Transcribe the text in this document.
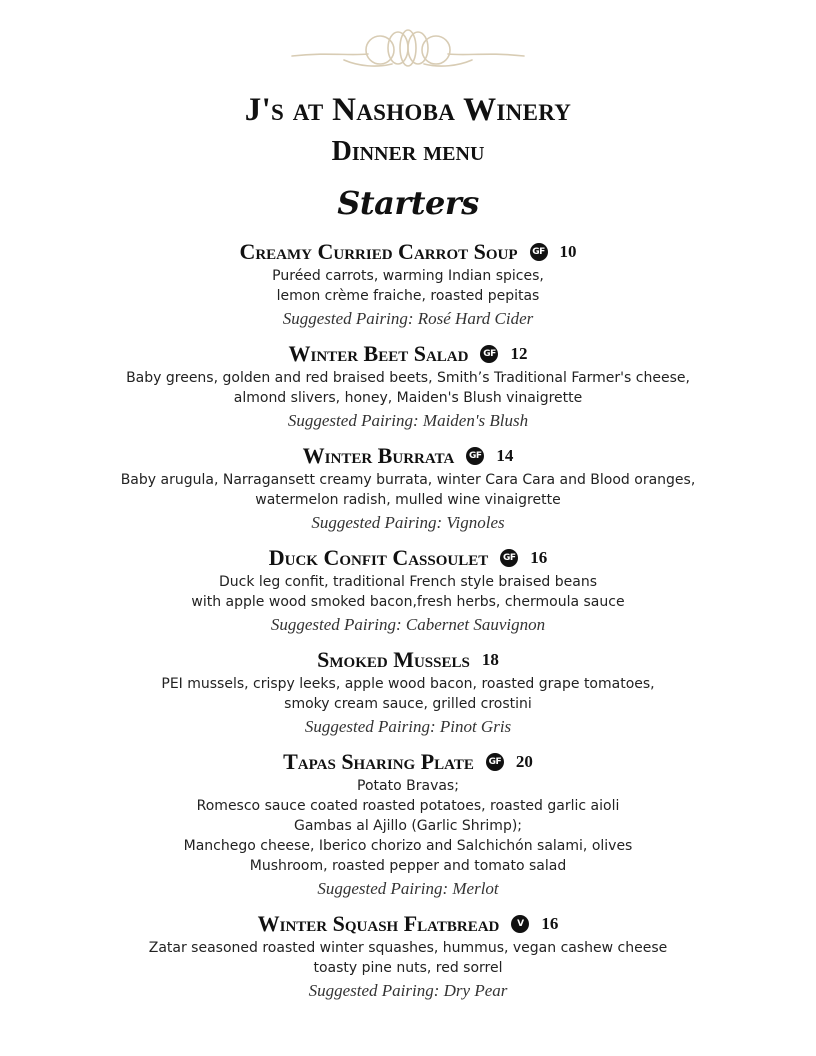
J's at Nashoba Winery
Dinner menu
Starters
Creamy Curried Carrot Soup	GF 10
Puréed carrots, warming Indian spices,
lemon crème fraiche, roasted pepitas
Suggested Pairing: Rosé Hard Cider
Winter Beet Salad	GF 12
Baby greens, golden and red braised beets, Smith’s Traditional Farmer's cheese,
almond slivers, honey, Maiden's Blush vinaigrette
Suggested Pairing: Maiden's Blush
Winter Burrata	GF 14
Baby arugula, Narragansett creamy burrata, winter Cara Cara and Blood oranges,
watermelon radish, mulled wine vinaigrette
Suggested Pairing: Vignoles
Duck Confit Cassoulet	GF 16
Duck leg confit, traditional French style braised beans
with apple wood smoked bacon,fresh herbs, chermoula sauce
Suggested Pairing: Cabernet Sauvignon
Smoked Mussels 18
PEI mussels, crispy leeks, apple wood bacon, roasted grape tomatoes,
smoky cream sauce, grilled crostini
Suggested Pairing: Pinot Gris
Tapas Sharing Plate	GF 20
Potato Bravas;
Romesco sauce coated roasted potatoes, roasted garlic aioli
Gambas al Ajillo (Garlic Shrimp);
Manchego cheese, Iberico chorizo and Salchichón salami, olives
Mushroom, roasted pepper and tomato salad
Suggested Pairing: Merlot
Winter Squash Flatbread	V	16
Zatar seasoned roasted winter squashes, hummus, vegan cashew cheese
toasty pine nuts, red sorrel
Suggested Pairing: Dry Pear
